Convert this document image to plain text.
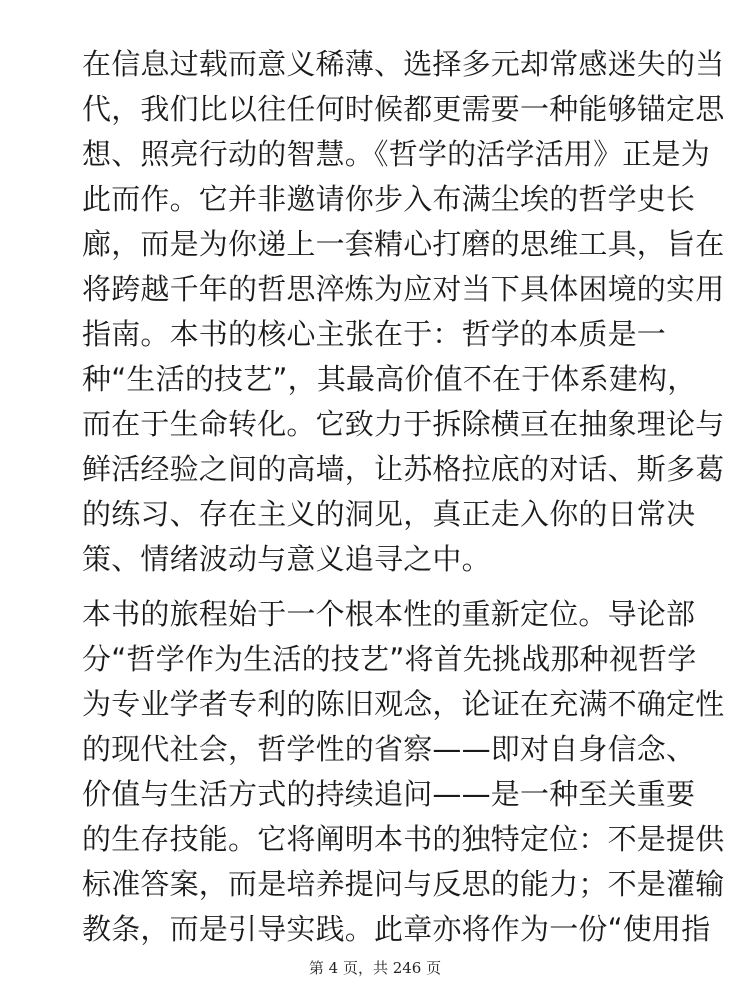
在信息过载而意义稀薄、选择多元却常感迷失的当
代，我们比以往任何时候都更需要一种能够锚定思
想、照亮行动的智慧。《哲学的活学活用》正是为
此而作。它并非邀请你步入布满尘埃的哲学史长
廊，而是为你递上一套精心打磨的思维工具，旨在
将跨越千年的哲思淬炼为应对当下具体困境的实用
指南。本书的核心主张在于：哲学的本质是一
种“生活的技艺”，其最高价值不在于体系建构，
而在于生命转化。它致力于拆除横亘在抽象理论与
鲜活经验之间的高墙，让苏格拉底的对话、斯多葛
的练习、存在主义的洞见，真正走入你的日常决
策、情绪波动与意义追寻之中。
本书的旅程始于一个根本性的重新定位。导论部
分“哲学作为生活的技艺”将首先挑战那种视哲学
为专业学者专利的陈旧观念，论证在充满不确定性
的现代社会，哲学性的省察——即对自身信念、
价值与生活方式的持续追问——是一种至关重要
的生存技能。它将阐明本书的独特定位：不是提供
标准答案，而是培养提问与反思的能力；不是灌输
教条，而是引导实践。此章亦将作为一份“使用指
第 4 页，共 246 页
